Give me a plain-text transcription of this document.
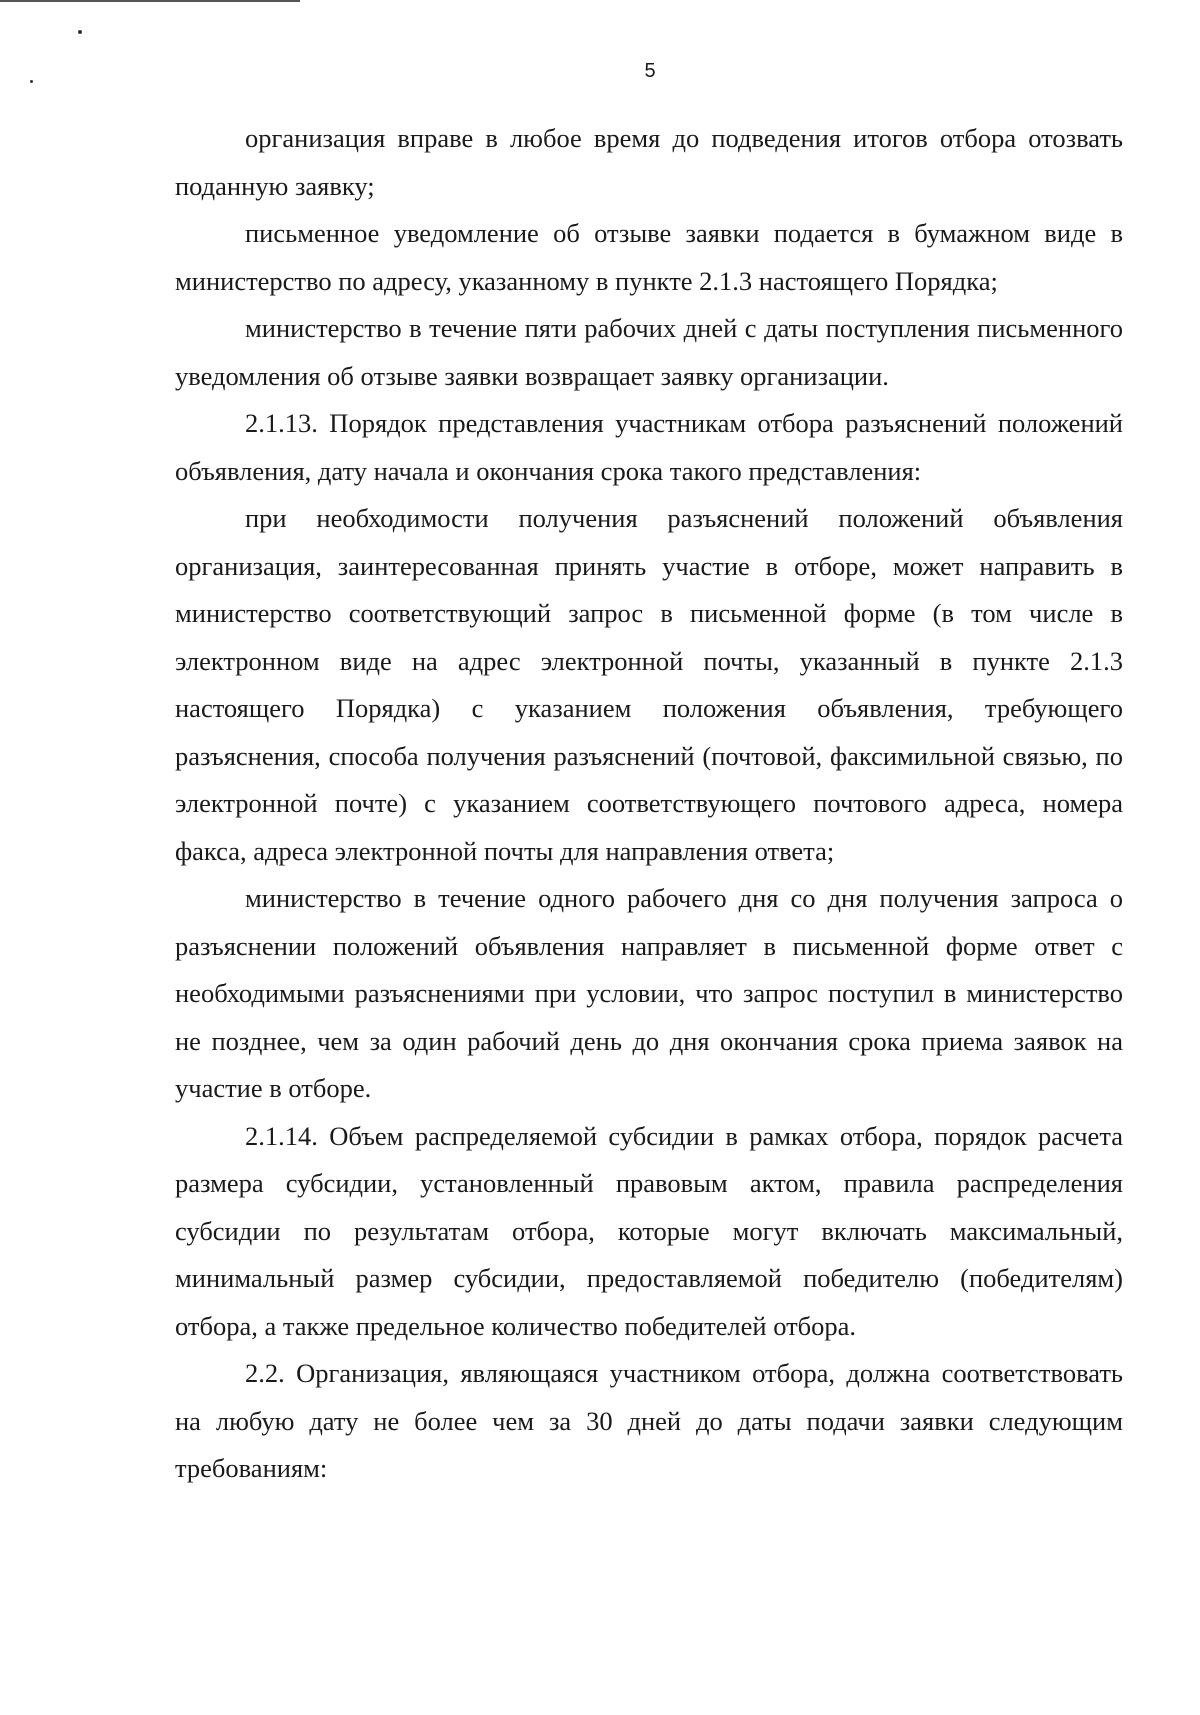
5

организация вправе в любое время до подведения итогов отбора отозвать поданную заявку;

письменное уведомление об отзыве заявки подается в бумажном виде в министерство по адресу, указанному в пункте 2.1.3 настоящего Порядка;

министерство в течение пяти рабочих дней с даты поступления письменного уведомления об отзыве заявки возвращает заявку организации.

2.1.13. Порядок представления участникам отбора разъяснений положений объявления, дату начала и окончания срока такого представления:

при необходимости получения разъяснений положений объявления организация, заинтересованная принять участие в отборе, может направить в министерство соответствующий запрос в письменной форме (в том числе в электронном виде на адрес электронной почты, указанный в пункте 2.1.3 настоящего Порядка) с указанием положения объявления, требующего разъяснения, способа получения разъяснений (почтовой, факсимильной связью, по электронной почте) с указанием соответствующего почтового адреса, номера факса, адреса электронной почты для направления ответа;

министерство в течение одного рабочего дня со дня получения запроса о разъяснении положений объявления направляет в письменной форме ответ с необходимыми разъяснениями при условии, что запрос поступил в министерство не позднее, чем за один рабочий день до дня окончания срока приема заявок на участие в отборе.

2.1.14. Объем распределяемой субсидии в рамках отбора, порядок расчета размера субсидии, установленный правовым актом, правила распределения субсидии по результатам отбора, которые могут включать максимальный, минимальный размер субсидии, предоставляемой победителю (победителям) отбора, а также предельное количество победителей отбора.

2.2. Организация, являющаяся участником отбора, должна соответствовать на любую дату не более чем за 30 дней до даты подачи заявки следующим требованиям:
